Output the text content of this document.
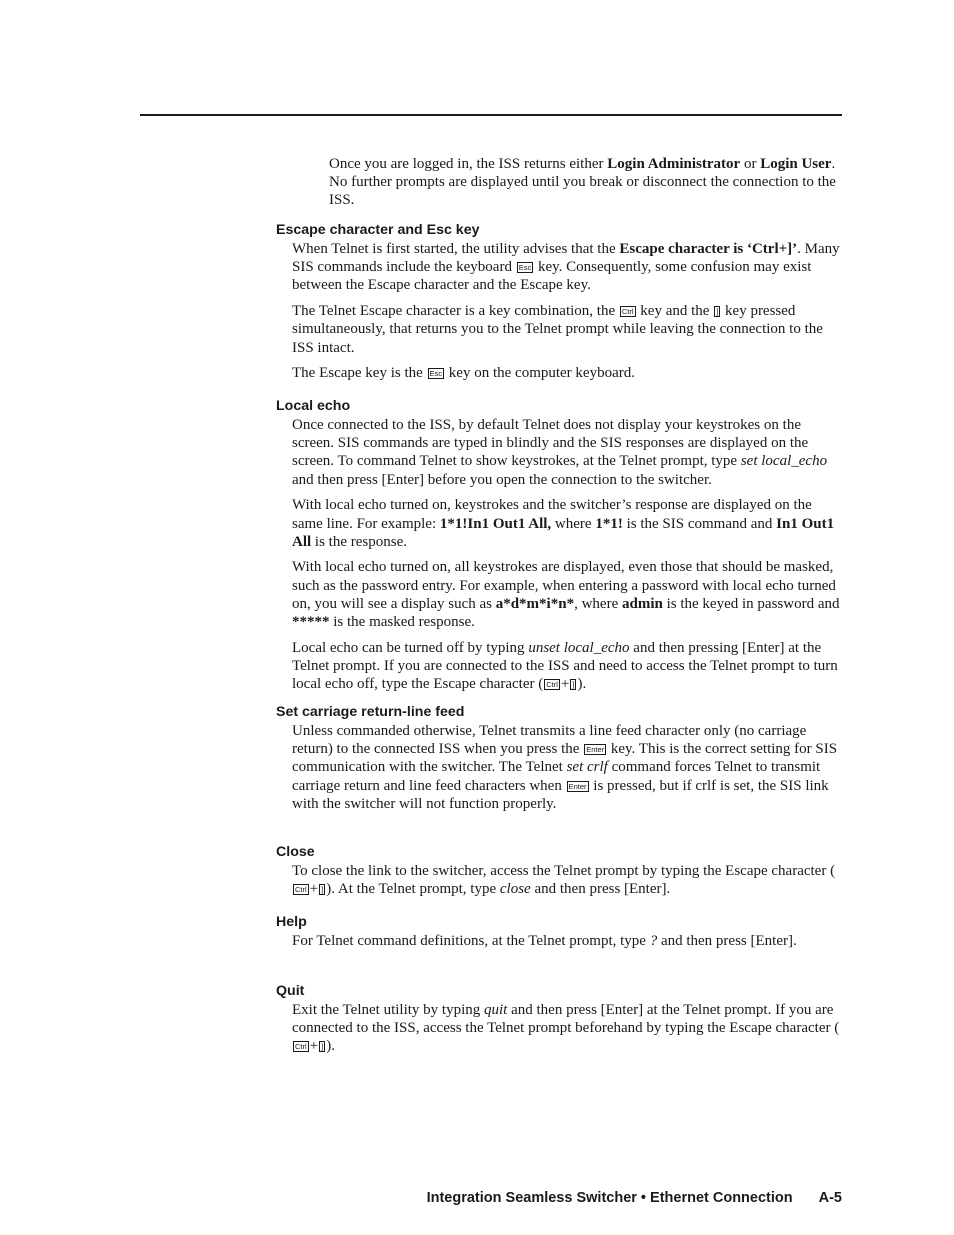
Once you are logged in, the ISS returns either Login Administrator or Login User. No further prompts are displayed until you break or disconnect the connection to the ISS.

Escape character and Esc key

When Telnet is first started, the utility advises that the Escape character is ‘Ctrl+]’. Many SIS commands include the keyboard Esc key. Consequently, some confusion may exist between the Escape character and the Escape key.

The Telnet Escape character is a key combination, the Ctrl key and the ] key pressed simultaneously, that returns you to the Telnet prompt while leaving the connection to the ISS intact.

The Escape key is the Esc key on the computer keyboard.

Local echo

Once connected to the ISS, by default Telnet does not display your keystrokes on the screen. SIS commands are typed in blindly and the SIS responses are displayed on the screen. To command Telnet to show keystrokes, at the Telnet prompt, type set local_echo and then press [Enter] before you open the connection to the switcher.

With local echo turned on, keystrokes and the switcher’s response are displayed on the same line. For example: 1*1!In1 Out1 All, where 1*1! is the SIS command and In1 Out1 All is the response.

With local echo turned on, all keystrokes are displayed, even those that should be masked, such as the password entry. For example, when entering a password with local echo turned on, you will see a display such as a*d*m*i*n*, where admin is the keyed in password and ***** is the masked response.

Local echo can be turned off by typing unset local_echo and then pressing [Enter] at the Telnet prompt. If you are connected to the ISS and need to access the Telnet prompt to turn local echo off, type the Escape character ( Ctrl + ] ).

Set carriage return-line feed

Unless commanded otherwise, Telnet transmits a line feed character only (no carriage return) to the connected ISS when you press the Enter key. This is the correct setting for SIS communication with the switcher. The Telnet set crlf command forces Telnet to transmit carriage return and line feed characters when Enter is pressed, but if crlf is set, the SIS link with the switcher will not function properly.

Close

To close the link to the switcher, access the Telnet prompt by typing the Escape character (Ctrl + ] ). At the Telnet prompt, type close and then press [Enter].

Help

For Telnet command definitions, at the Telnet prompt, type ? and then press [Enter].

Quit

Exit the Telnet utility by typing quit and then press [Enter] at the Telnet prompt. If you are connected to the ISS, access the Telnet prompt beforehand by typing the Escape character (Ctrl + ] ).

Integration Seamless Switcher • Ethernet Connection A-5
